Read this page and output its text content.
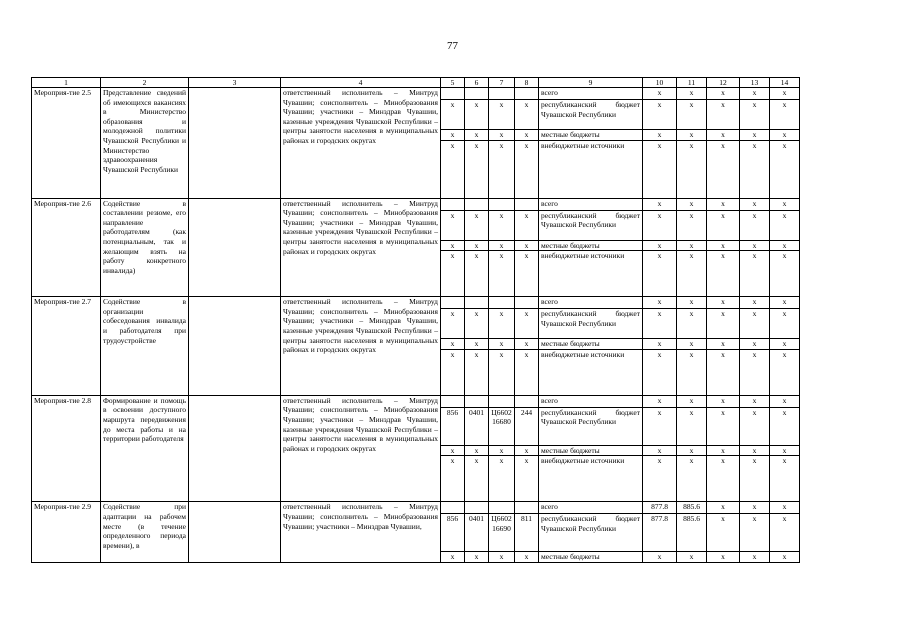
77
1	2	3	4	5	6	7	8	9	10	11	12	13	14
Мероприя-тие 2.5	Представление сведений об имеющихся вакансиях в Министерство образования и молодежной политики Чувашской Республики и Министерство здравоохранения Чувашской Республики		ответственный исполнитель – Минтруд Чувашии; соисполнитель – Минобразования Чувашии; участники – Минздрав Чувашии, казенные учреждения Чувашской Республики – центры занятости населения в муниципальных районах и городских округах					всего	x	x	x	x	x
				x	x	x	x	республиканский бюджет Чувашской Республики	x	x	x	x	x
				x	x	x	x	местные бюджеты	x	x	x	x	x
				x	x	x	x	внебюджетные источники	x	x	x	x	x
Мероприя-тие 2.6	Содействие в составлении резюме, его направление работодателям (как потенциальным, так и желающим взять на работу конкретного инвалида)		ответственный исполнитель – Минтруд Чувашии; соисполнитель – Минобразования Чувашии; участники – Минздрав Чувашии, казенные учреждения Чувашской Республики – центры занятости населения в муниципальных районах и городских округах					всего	x	x	x	x	x
				x	x	x	x	республиканский бюджет Чувашской Республики	x	x	x	x	x
				x	x	x	x	местные бюджеты	x	x	x	x	x
				x	x	x	x	внебюджетные источники	x	x	x	x	x
Мероприя-тие 2.7	Содействие в организации собеседования инвалида и работодателя при трудоустройстве		ответственный исполнитель – Минтруд Чувашии; соисполнитель – Минобразования Чувашии; участники – Минздрав Чувашии, казенные учреждения Чувашской Республики – центры занятости населения в муниципальных районах и городских округах					всего	x	x	x	x	x
				x	x	x	x	республиканский бюджет Чувашской Республики	x	x	x	x	x
				x	x	x	x	местные бюджеты	x	x	x	x	x
				x	x	x	x	внебюджетные источники	x	x	x	x	x
Мероприя-тие 2.8	Формирование и помощь в освоении доступного маршрута передвижения до места работы и на территории работодателя		ответственный исполнитель – Минтруд Чувашии; соисполнитель – Минобразования Чувашии; участники – Минздрав Чувашии, казенные учреждения Чувашской Республики – центры занятости населения в муниципальных районах и городских округах					всего	x	x	x	x	x
				856	0401	Ц660216680	244	республиканский бюджет Чувашской Республики	x	x	x	x	x
				x	x	x	x	местные бюджеты	x	x	x	x	x
				x	x	x	x	внебюджетные источники	x	x	x	x	x
Мероприя-тие 2.9	Содействие при адаптации на рабочем месте (в течение определенного периода времени), в		ответственный исполнитель – Минтруд Чувашии; соисполнитель – Минобразования Чувашии; участники – Минздрав Чувашии,					всего	877.8	885.6	x	x	x
				856	0401	Ц660216690	811	республиканский бюджет Чувашской Республики	877.8	885.6	x	x	x
				x	x	x	x	местные бюджеты	x	x	x	x	x
